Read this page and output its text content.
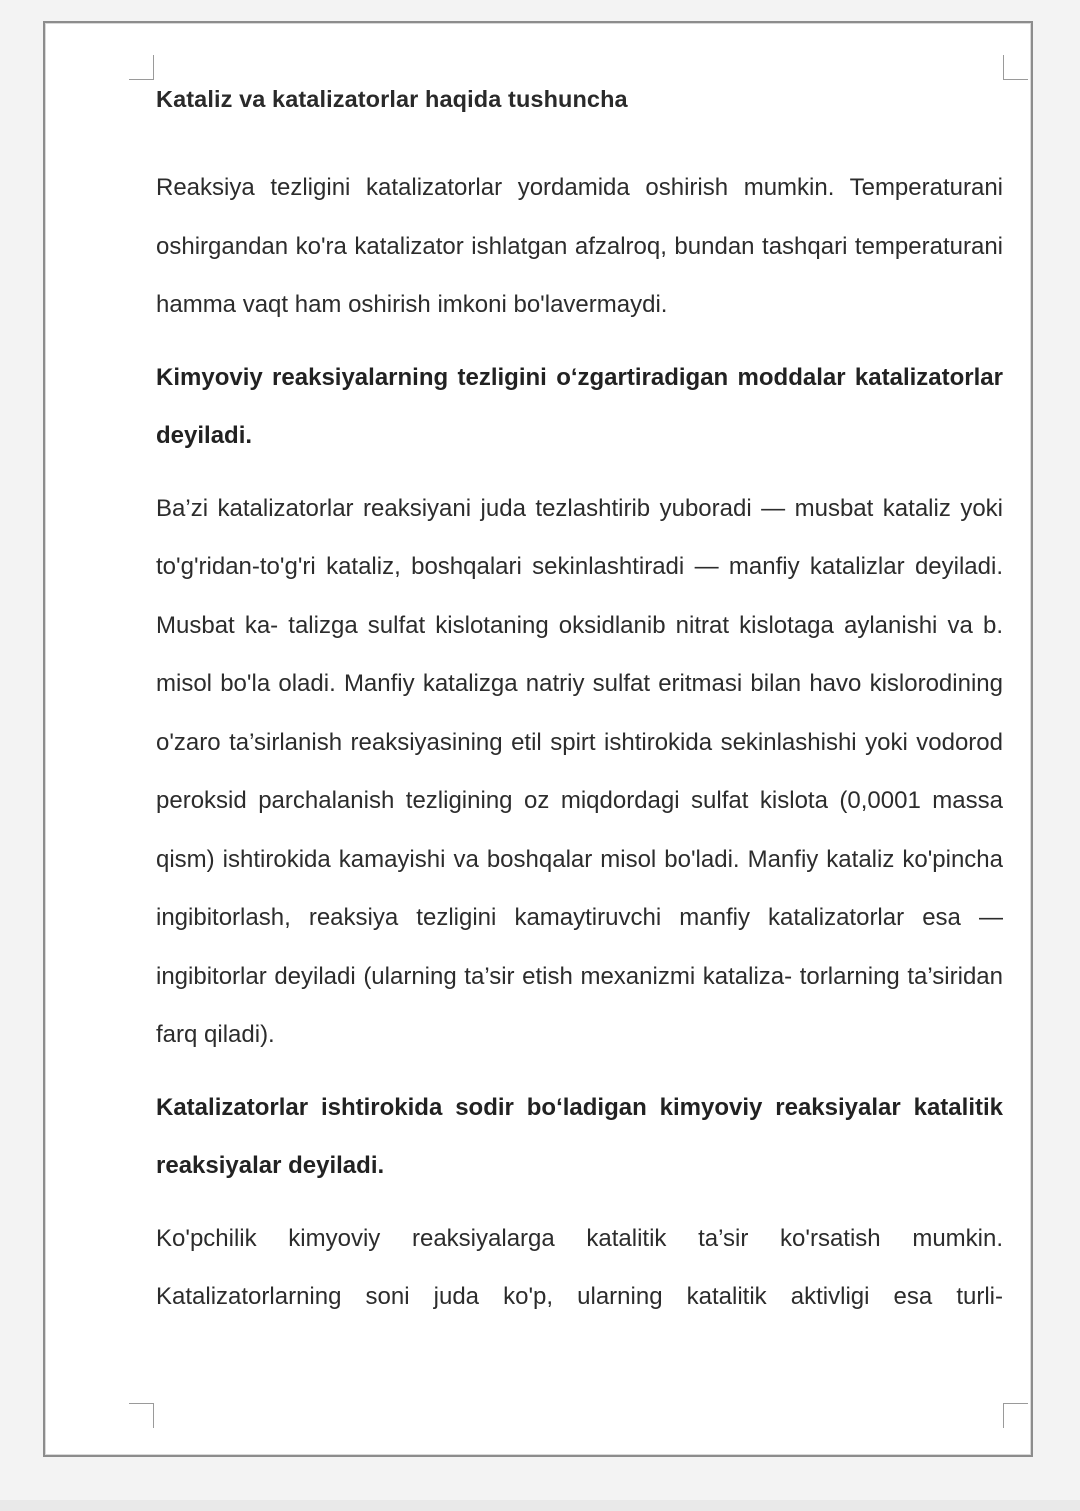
Kataliz va katalizatorlar haqida tushuncha

Reaksiya tezligini katalizatorlar yordamida oshirish mumkin. Temperaturani oshirgandan ko'ra katalizator ishlatgan afzalroq, bundan tashqari temperaturani hamma vaqt ham oshirish imkoni bo'lavermaydi.

Kimyoviy reaksiyalarning tezligini o‘zgartiradigan moddalar katalizatorlar deyiladi.

Ba’zi katalizatorlar reaksiyani juda tezlashtirib yuboradi — musbat kataliz yoki to'g'ridan-to'g'ri kataliz, boshqalari sekinlashtiradi — manfiy katalizlar deyiladi. Musbat ka- talizga sulfat kislotaning oksidlanib nitrat kislotaga aylanishi va b. misol bo'la oladi. Manfiy katalizga natriy sulfat eritmasi bilan havo kislorodining o'zaro ta’sirlanish reaksiyasining etil spirt ishtirokida sekinlashishi yoki vodorod peroksid parchalanish tezligining oz miqdordagi sulfat kislota (0,0001 massa qism) ishtirokida kamayishi va boshqalar misol bo'ladi. Manfiy kataliz ko'pincha ingibitorlash, reaksiya tezligini kamaytiruvchi manfiy katalizatorlar esa — ingibitorlar deyiladi (ularning ta’sir etish mexanizmi kataliza- torlarning ta’siridan farq qiladi).

Katalizatorlar ishtirokida sodir bo‘ladigan kimyoviy reaksiyalar katalitik reaksiyalar deyiladi.

Ko'pchilik kimyoviy reaksiyalarga katalitik ta’sir ko'rsatish mumkin. Katalizatorlarning soni juda ko'p, ularning katalitik aktivligi esa turli-
